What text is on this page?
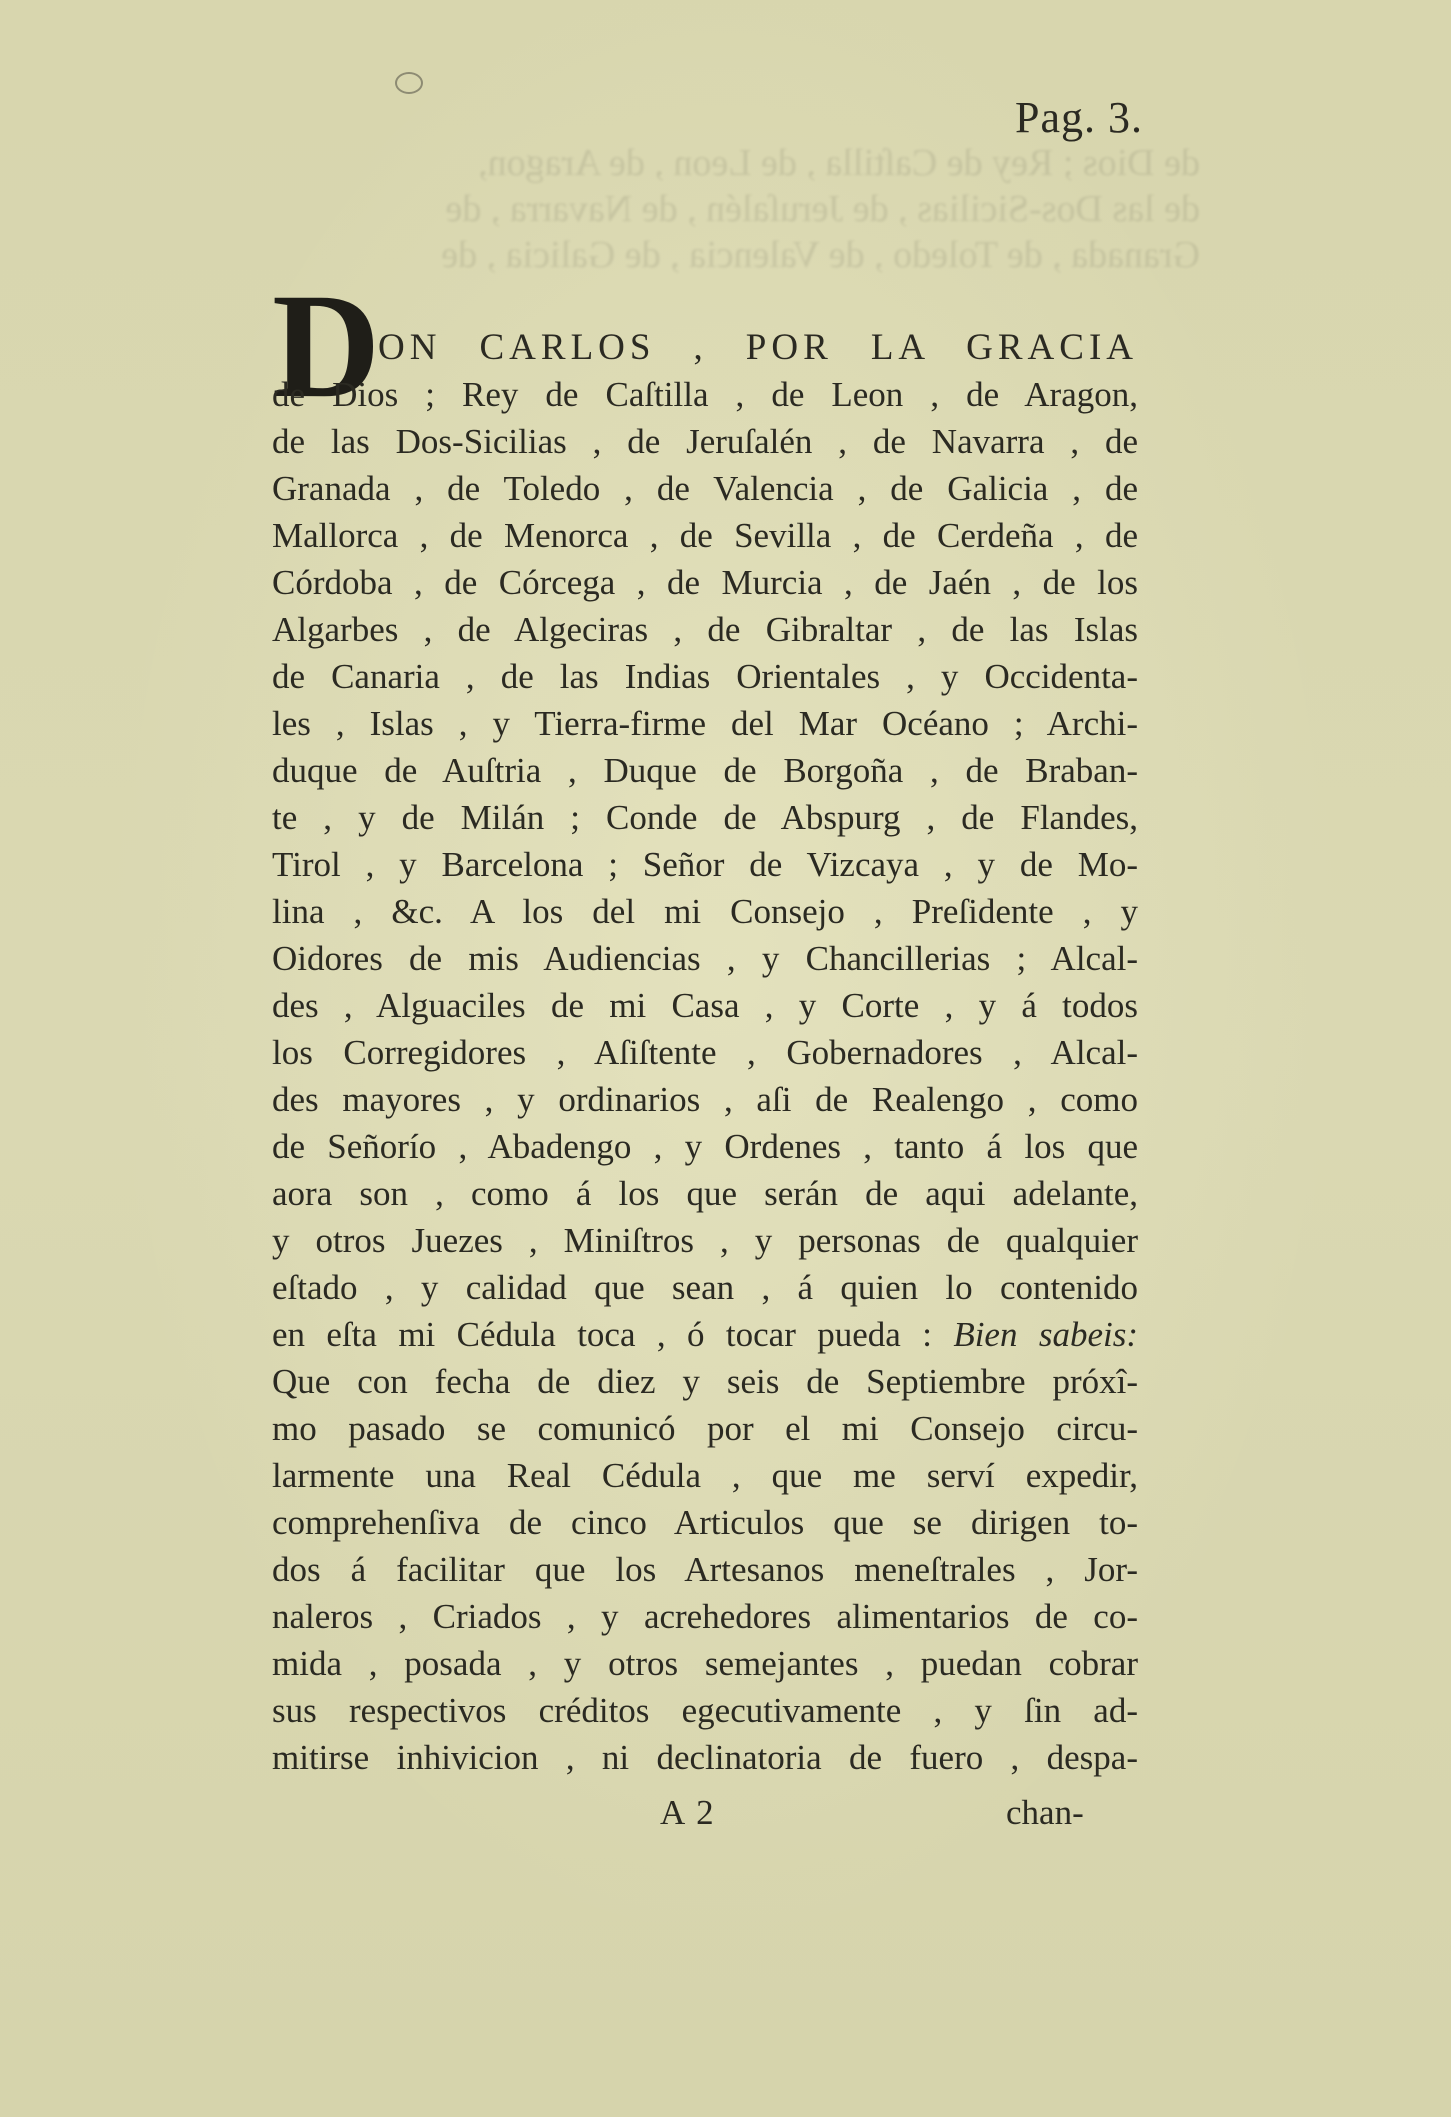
de Dios ; Rey de Caſtilla , de Leon , de Aragon,
de las Dos-Sicilias , de Jeruſalén , de Navarra , de
Granada , de Toledo , de Valencia , de Galicia , de
Pag. 3.
D
ON CARLOS , POR LA GRACIA
de Dios ; Rey de Caſtilla , de Leon , de Aragon,
de las Dos-Sicilias , de Jeruſalén , de Navarra , de
Granada , de Toledo , de Valencia , de Galicia , de
Mallorca , de Menorca , de Sevilla , de Cerdeña , de
Córdoba , de Córcega , de Murcia , de Jaén , de los
Algarbes , de Algeciras , de Gibraltar , de las Islas
de Canaria , de las Indias Orientales , y Occidenta-
les , Islas , y Tierra-firme del Mar Océano ; Archi-
duque de Auſtria , Duque de Borgoña , de Braban-
te , y de Milán ; Conde de Abspurg , de Flandes,
Tirol , y Barcelona ; Señor de Vizcaya , y de Mo-
lina , &c. A los del mi Consejo , Preſidente , y
Oidores de mis Audiencias , y Chancillerias ; Alcal-
des , Alguaciles de mi Casa , y Corte , y á todos
los Corregidores , Aſiſtente , Gobernadores , Alcal-
des mayores , y ordinarios , aſi de Realengo , como
de Señorío , Abadengo , y Ordenes , tanto á los que
aora son , como á los que serán de aqui adelante,
y otros Juezes , Miniſtros , y personas de qualquier
eſtado , y calidad que sean , á quien lo contenido
en eſta mi Cédula toca , ó tocar pueda : Bien sabeis:
Que con fecha de diez y seis de Septiembre próxî-
mo pasado se comunicó por el mi Consejo circu-
larmente una Real Cédula , que me serví expedir,
comprehenſiva de cinco Articulos que se dirigen to-
dos á facilitar que los Artesanos meneſtrales , Jor-
naleros , Criados , y acrehedores alimentarios de co-
mida , posada , y otros semejantes , puedan cobrar
sus respectivos créditos egecutivamente , y ſin ad-
mitirse inhivicion , ni declinatoria de fuero , despa-
A 2	chan-
